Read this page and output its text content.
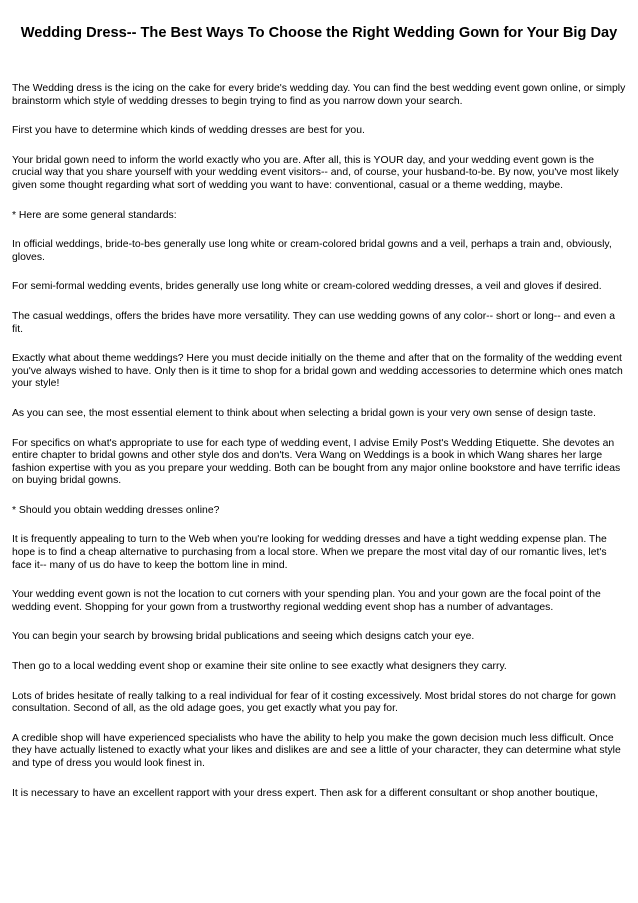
Wedding Dress-- The Best Ways To Choose the Right Wedding Gown for Your Big Day

The Wedding dress is the icing on the cake for every bride's wedding day. You can find the best wedding event gown online, or simply brainstorm which style of wedding dresses to begin trying to find as you narrow down your search.

First you have to determine which kinds of wedding dresses are best for you.

Your bridal gown need to inform the world exactly who you are. After all, this is YOUR day, and your wedding event gown is the crucial way that you share yourself with your wedding event visitors-- and, of course, your husband-to-be. By now, you've most likely given some thought regarding what sort of wedding you want to have: conventional, casual or a theme wedding, maybe.

* Here are some general standards:

In official weddings, bride-to-bes generally use long white or cream-colored bridal gowns and a veil, perhaps a train and, obviously, gloves.

For semi-formal wedding events, brides generally use long white or cream-colored wedding dresses, a veil and gloves if desired.

The casual weddings, offers the brides have more versatility. They can use wedding gowns of any color-- short or long-- and even a fit.

Exactly what about theme weddings? Here you must decide initially on the theme and after that on the formality of the wedding event you've always wished to have. Only then is it time to shop for a bridal gown and wedding accessories to determine which ones match your style!

As you can see, the most essential element to think about when selecting a bridal gown is your very own sense of design taste.

For specifics on what's appropriate to use for each type of wedding event, I advise Emily Post's Wedding Etiquette. She devotes an entire chapter to bridal gowns and other style dos and don'ts. Vera Wang on Weddings is a book in which Wang shares her large fashion expertise with you as you prepare your wedding. Both can be bought from any major online bookstore and have terrific ideas on buying bridal gowns.

* Should you obtain wedding dresses online?

It is frequently appealing to turn to the Web when you're looking for wedding dresses and have a tight wedding expense plan. The hope is to find a cheap alternative to purchasing from a local store. When we prepare the most vital day of our romantic lives, let's face it-- many of us do have to keep the bottom line in mind.

Your wedding event gown is not the location to cut corners with your spending plan. You and your gown are the focal point of the wedding event. Shopping for your gown from a trustworthy regional wedding event shop has a number of advantages.

You can begin your search by browsing bridal publications and seeing which designs catch your eye.

Then go to a local wedding event shop or examine their site online to see exactly what designers they carry.

Lots of brides hesitate of really talking to a real individual for fear of it costing excessively. Most bridal stores do not charge for gown consultation. Second of all, as the old adage goes, you get exactly what you pay for.

A credible shop will have experienced specialists who have the ability to help you make the gown decision much less difficult. Once they have actually listened to exactly what your likes and dislikes are and see a little of your character, they can determine what style and type of dress you would look finest in.

It is necessary to have an excellent rapport with your dress expert. Then ask for a different consultant or shop another boutique,
